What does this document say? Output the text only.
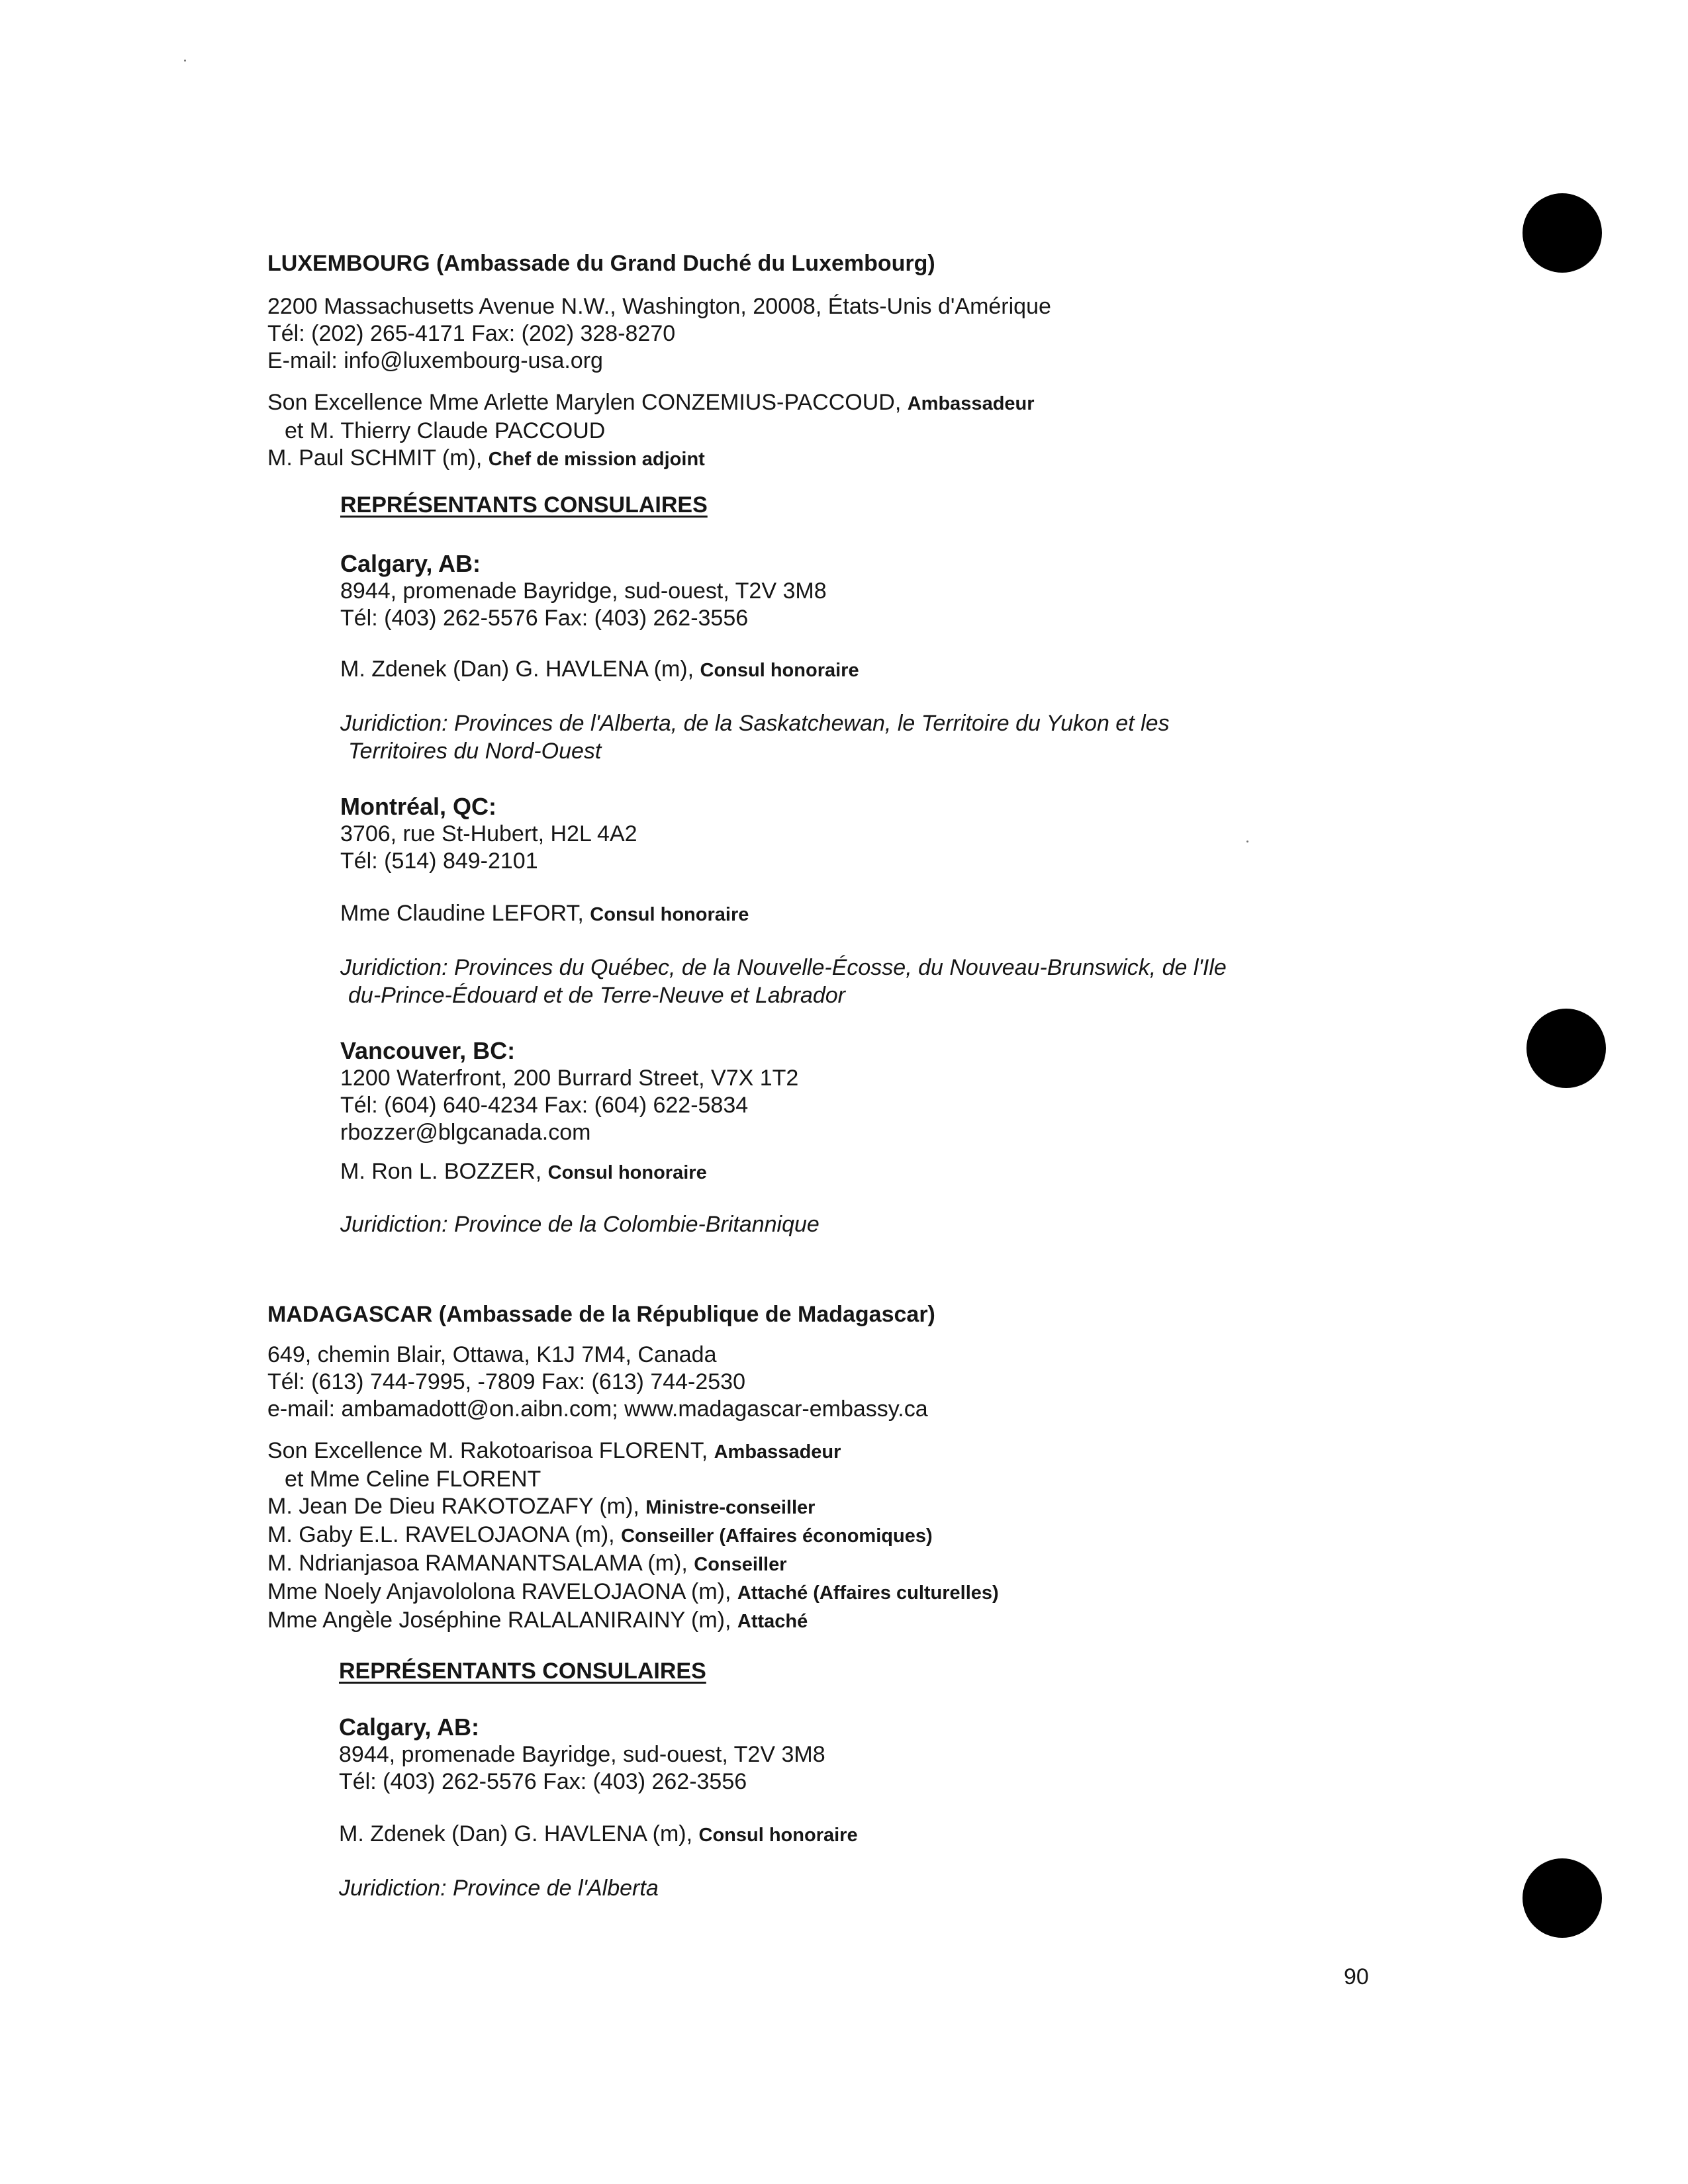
LUXEMBOURG (Ambassade du Grand Duché du Luxembourg)
2200 Massachusetts Avenue N.W., Washington, 20008, États-Unis d'Amérique
Tél: (202) 265-4171 Fax: (202) 328-8270
E-mail: info@luxembourg-usa.org
Son Excellence Mme Arlette Marylen CONZEMIUS-PACCOUD, Ambassadeur
et M. Thierry Claude PACCOUD
M. Paul SCHMIT (m), Chef de mission adjoint
REPRÉSENTANTS CONSULAIRES
Calgary, AB:
8944, promenade Bayridge, sud-ouest, T2V 3M8
Tél: (403) 262-5576 Fax: (403) 262-3556
M. Zdenek (Dan) G. HAVLENA (m), Consul honoraire
Juridiction: Provinces de l'Alberta, de la Saskatchewan, le Territoire du Yukon et les
Territoires du Nord-Ouest
Montréal, QC:
3706, rue St-Hubert, H2L 4A2
Tél: (514) 849-2101
Mme Claudine LEFORT, Consul honoraire
Juridiction: Provinces du Québec, de la Nouvelle-Écosse, du Nouveau-Brunswick, de l'Ile
du-Prince-Édouard et de Terre-Neuve et Labrador
Vancouver, BC:
1200 Waterfront, 200 Burrard Street, V7X 1T2
Tél: (604) 640-4234 Fax: (604) 622-5834
rbozzer@blgcanada.com
M. Ron L. BOZZER, Consul honoraire
Juridiction: Province de la Colombie-Britannique
MADAGASCAR (Ambassade de la République de Madagascar)
649, chemin Blair, Ottawa, K1J 7M4, Canada
Tél: (613) 744-7995, -7809 Fax: (613) 744-2530
e-mail: ambamadott@on.aibn.com; www.madagascar-embassy.ca
Son Excellence M. Rakotoarisoa FLORENT, Ambassadeur
et Mme Celine FLORENT
M. Jean De Dieu RAKOTOZAFY (m), Ministre-conseiller
M. Gaby E.L. RAVELOJAONA (m), Conseiller (Affaires économiques)
M. Ndrianjasoa RAMANANTSALAMA (m), Conseiller
Mme Noely Anjavololona RAVELOJAONA (m), Attaché (Affaires culturelles)
Mme Angèle Joséphine RALALANIRAINY (m), Attaché
REPRÉSENTANTS CONSULAIRES
Calgary, AB:
8944, promenade Bayridge, sud-ouest, T2V 3M8
Tél: (403) 262-5576 Fax: (403) 262-3556
M. Zdenek (Dan) G. HAVLENA (m), Consul honoraire
Juridiction: Province de l'Alberta
90
